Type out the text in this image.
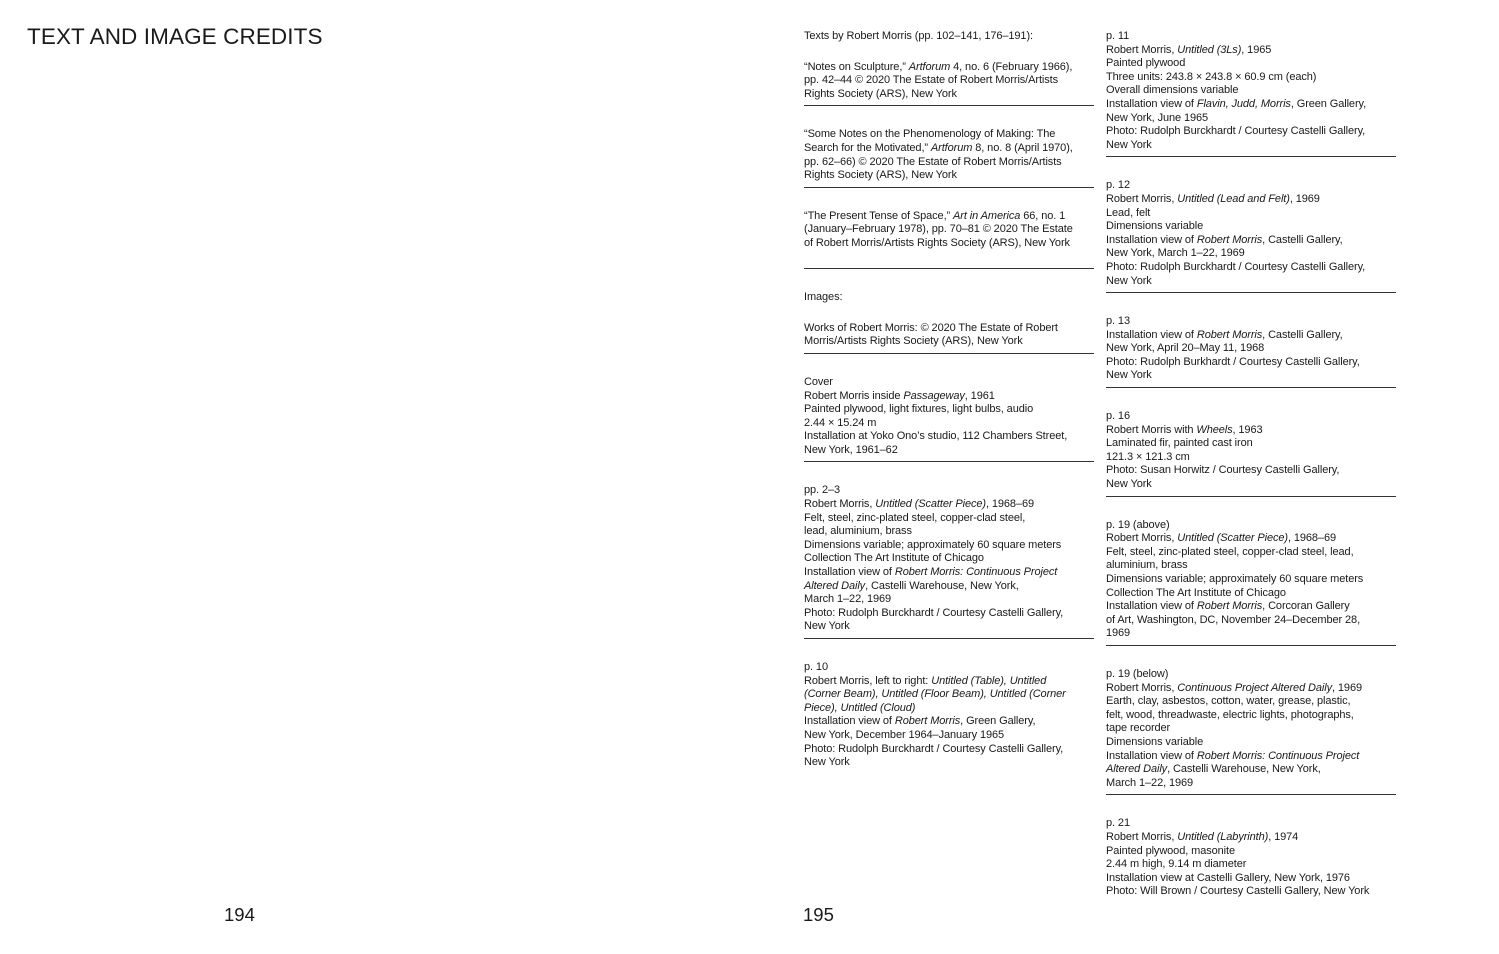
TEXT AND IMAGE CREDITS
194	195
Texts by Robert Morris (pp. 102–141, 176–191):
“Notes on Sculpture,” Artforum 4, no. 6 (February 1966),
pp. 42–44 © 2020 The Estate of Robert Morris/Artists
Rights Society (ARS), New York
“Some Notes on the Phenomenology of Making: The
Search for the Motivated,” Artforum 8, no. 8 (April 1970),
pp. 62–66) © 2020 The Estate of Robert Morris/Artists
Rights Society (ARS), New York
“The Present Tense of Space,” Art in America 66, no. 1
(January–February 1978), pp. 70–81 © 2020 The Estate
of Robert Morris/Artists Rights Society (ARS), New York

Images:
Works of Robert Morris: © 2020 The Estate of Robert
Morris/Artists Rights Society (ARS), New York
Cover
Robert Morris inside Passageway, 1961
Painted plywood, light fixtures, light bulbs, audio
2.44 × 15.24 m
Installation at Yoko Ono’s studio, 112 Chambers Street,
New York, 1961–62
pp. 2–3
Robert Morris, Untitled (Scatter Piece), 1968–69
Felt, steel, zinc-plated steel, copper-clad steel,
lead, aluminium, brass
Dimensions variable; approximately 60 square meters
Collection The Art Institute of Chicago
Installation view of Robert Morris: Continuous Project
Altered Daily, Castelli Warehouse, New York,
March 1–22, 1969
Photo: Rudolph Burckhardt / Courtesy Castelli Gallery,
New York
p. 10
Robert Morris, left to right: Untitled (Table), Untitled
(Corner Beam), Untitled (Floor Beam), Untitled (Corner
Piece), Untitled (Cloud)
Installation view of Robert Morris, Green Gallery,
New York, December 1964–January 1965
Photo: Rudolph Burckhardt / Courtesy Castelli Gallery,
New York
p. 11
Robert Morris, Untitled (3Ls), 1965
Painted plywood
Three units: 243.8 × 243.8 × 60.9 cm (each)
Overall dimensions variable
Installation view of Flavin, Judd, Morris, Green Gallery,
New York, June 1965
Photo: Rudolph Burckhardt / Courtesy Castelli Gallery,
New York
p. 12
Robert Morris, Untitled (Lead and Felt), 1969
Lead, felt
Dimensions variable
Installation view of Robert Morris, Castelli Gallery,
New York, March 1–22, 1969
Photo: Rudolph Burckhardt / Courtesy Castelli Gallery,
New York
p. 13
Installation view of Robert Morris, Castelli Gallery,
New York, April 20–May 11, 1968
Photo: Rudolph Burkhardt / Courtesy Castelli Gallery,
New York
p. 16
Robert Morris with Wheels, 1963
Laminated fir, painted cast iron
121.3 × 121.3 cm
Photo: Susan Horwitz / Courtesy Castelli Gallery,
New York
p. 19 (above)
Robert Morris, Untitled (Scatter Piece), 1968–69
Felt, steel, zinc-plated steel, copper-clad steel, lead,
aluminium, brass
Dimensions variable; approximately 60 square meters
Collection The Art Institute of Chicago
Installation view of Robert Morris, Corcoran Gallery
of Art, Washington, DC, November 24–December 28,
1969
p. 19 (below)
Robert Morris, Continuous Project Altered Daily, 1969
Earth, clay, asbestos, cotton, water, grease, plastic,
felt, wood, threadwaste, electric lights, photographs,
tape recorder
Dimensions variable
Installation view of Robert Morris: Continuous Project
Altered Daily, Castelli Warehouse, New York,
March 1–22, 1969
p. 21
Robert Morris, Untitled (Labyrinth), 1974
Painted plywood, masonite
2.44 m high, 9.14 m diameter
Installation view at Castelli Gallery, New York, 1976
Photo: Will Brown / Courtesy Castelli Gallery, New York
